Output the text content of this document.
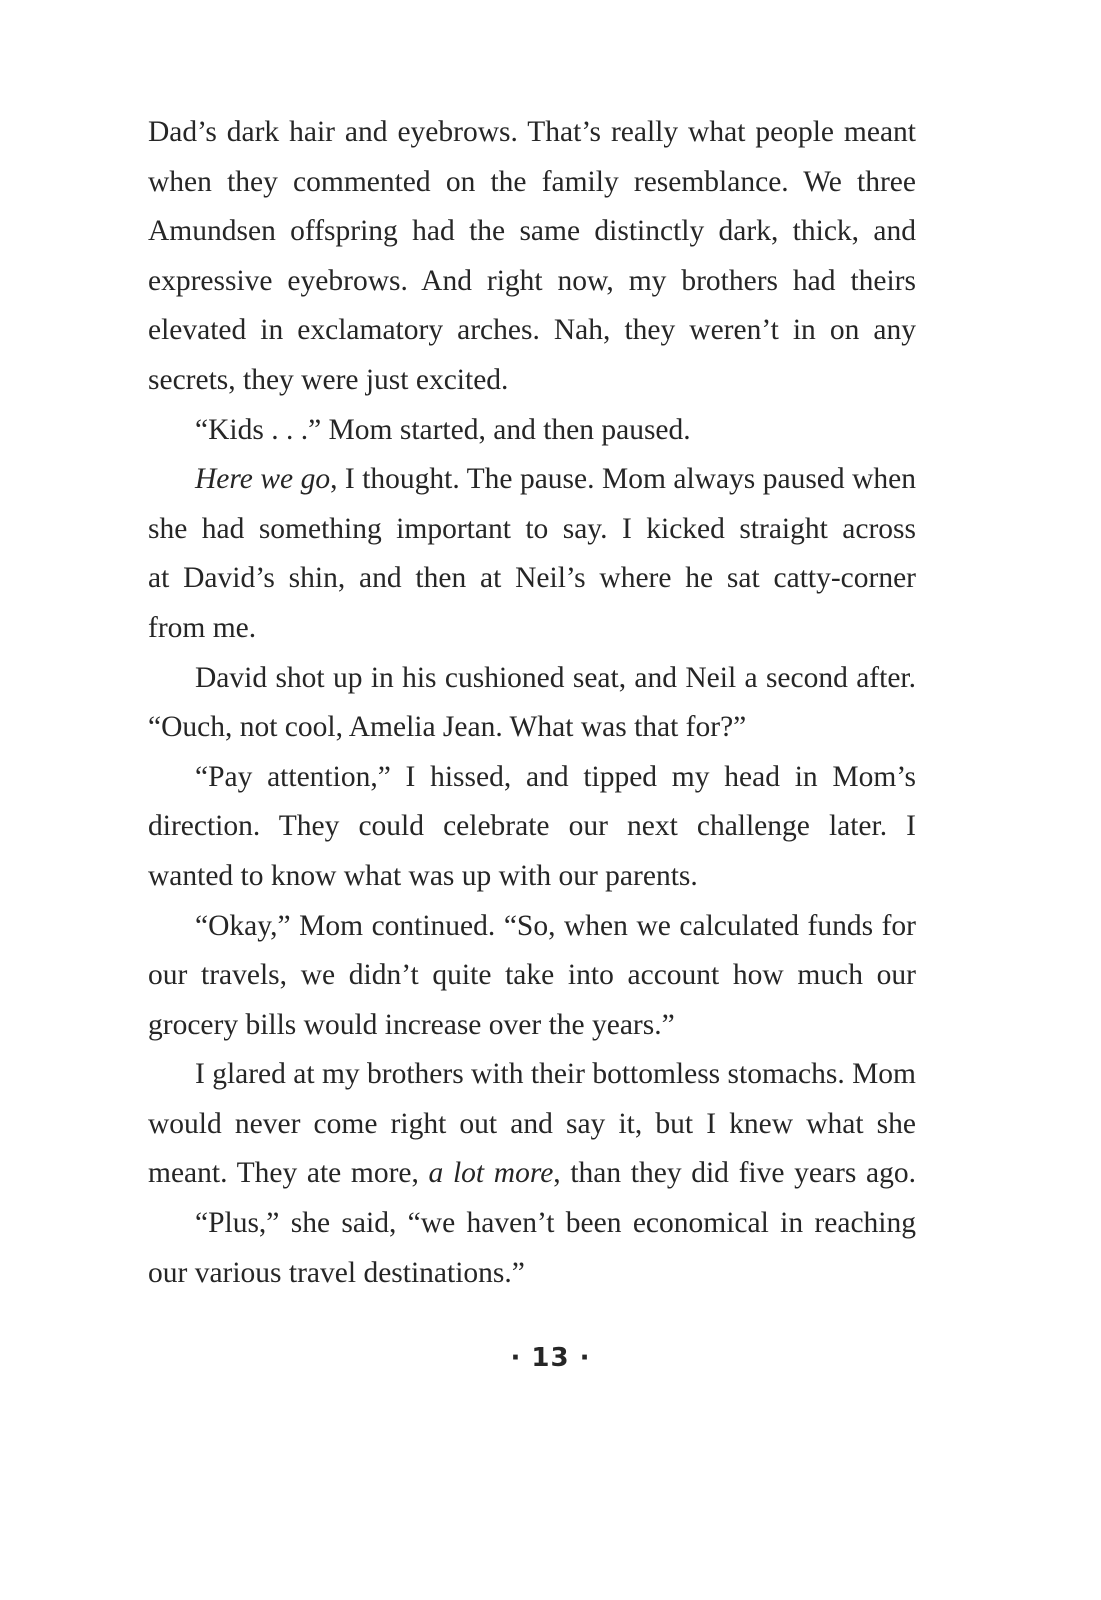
Dad’s dark hair and eyebrows. That’s really what people meant
when they commented on the family resemblance. We three
Amundsen offspring had the same distinctly dark, thick, and
expressive eyebrows. And right now, my brothers had theirs
elevated in exclamatory arches. Nah, they weren’t in on any
secrets, they were just excited.
“Kids . . .” Mom started, and then paused.
Here we go, I thought. The pause. Mom always paused when
she had something important to say. I kicked straight across
at David’s shin, and then at Neil’s where he sat catty-corner
from me.
David shot up in his cushioned seat, and Neil a second after.
“Ouch, not cool, Amelia Jean. What was that for?”
“Pay attention,” I hissed, and tipped my head in Mom’s
direction. They could celebrate our next challenge later. I
wanted to know what was up with our parents.
“Okay,” Mom continued. “So, when we calculated funds for
our travels, we didn’t quite take into account how much our
grocery bills would increase over the years.”
I glared at my brothers with their bottomless stomachs. Mom
would never come right out and say it, but I knew what she
meant. They ate more, a lot more, than they did five years ago.
“Plus,” she said, “we haven’t been economical in reaching
our various travel destinations.”
· 13 ·
